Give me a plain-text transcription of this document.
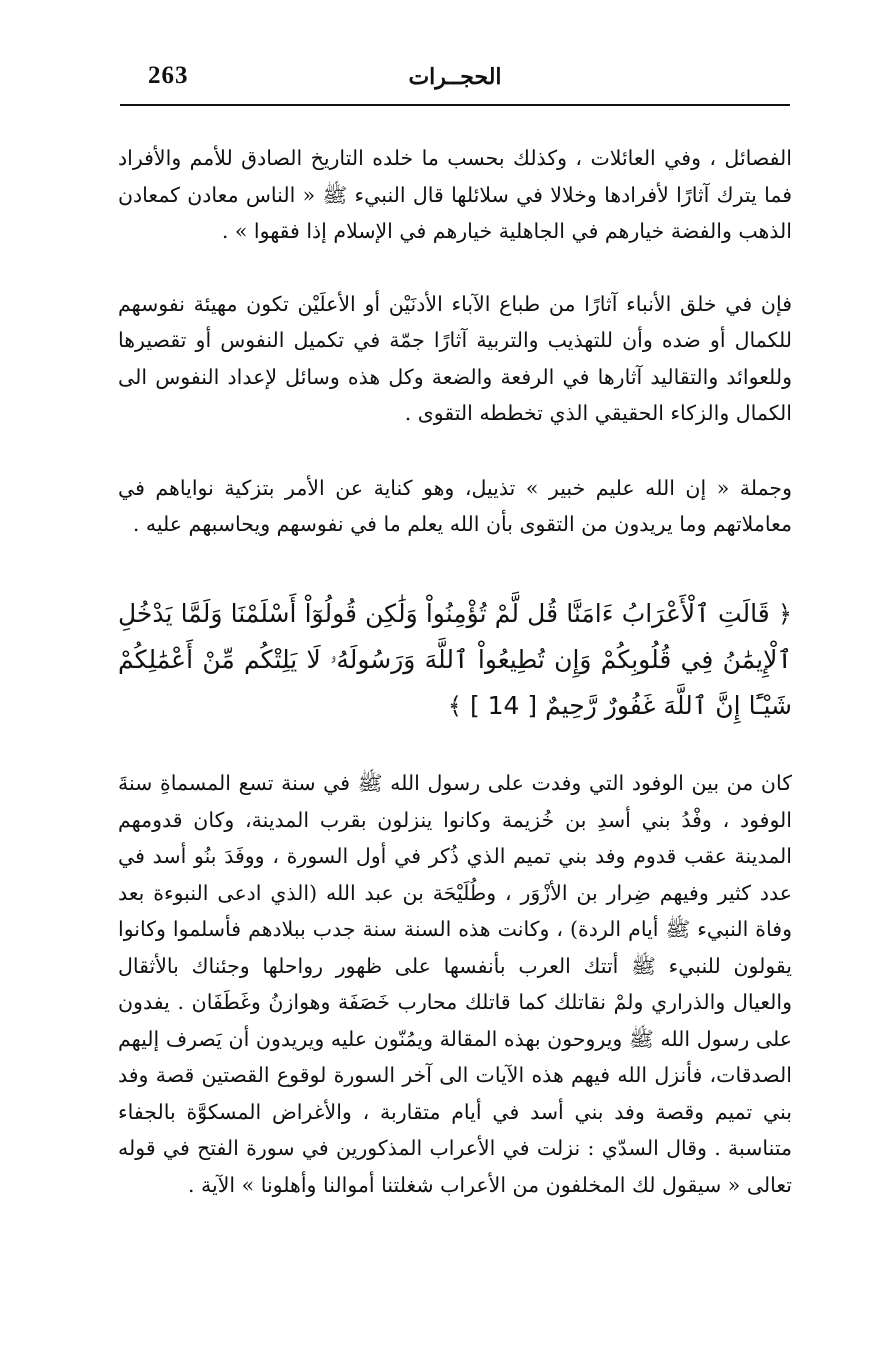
263	الحجــرات

الفصائل ، وفي العائلات ، وكذلك بحسب ما خلده التاريخ الصادق للأمم والأفراد فما يترك آثارًا لأفرادها وخلالا في سلائلها قال النبيء ﷺ « الناس معادن كمعادن الذهب والفضة خيارهم في الجاهلية خيارهم في الإسلام إذا فقهوا » .

فإن في خلق الأنباء آثارًا من طباع الآباء الأدنَيْن أو الأعلَيْن تكون مهيئة نفوسهم للكمال أو ضده وأن للتهذيب والتربية آثارًا جمّة في تكميل النفوس أو تقصيرها وللعوائد والتقاليد آثارها في الرفعة والضعة وكل هذه وسائل لإعداد النفوس الى الكمال والزكاء الحقيقي الذي تخططه التقوى .

وجملة « إن الله عليم خبير » تذييل، وهو كناية عن الأمر بتزكية نواياهم في معاملاتهم وما يريدون من التقوى بأن الله يعلم ما في نفوسهم ويحاسبهم عليه .

﴿ قَالَتِ ٱلْأَعْرَابُ ءَامَنَّا قُل لَّمْ تُؤْمِنُواْ وَلَٰكِن قُولُوٓاْ أَسْلَمْنَا وَلَمَّا يَدْخُلِ ٱلْإِيمَٰنُ فِي قُلُوبِكُمْ وَإِن تُطِيعُواْ ٱللَّهَ وَرَسُولَهُۥ لَا يَلِتْكُم مِّنْ أَعْمَٰلِكُمْ شَيْـًٔا إِنَّ ٱللَّهَ غَفُورٌ رَّحِيمٌ [ 14 ] ﴾

كان من بين الوفود التي وفدت على رسول الله ﷺ في سنة تسع المسماةِ سنةَ الوفود ، وفْدُ بني أسدِ بن خُزيمة وكانوا ينزلون بقرب المدينة، وكان قدومهم المدينة عقب قدوم وفد بني تميم الذي ذُكر في أول السورة ، ووفَدَ بنُو أسد في عدد كثير وفيهم ضِرار بن الأزْوَر ، وطُلَيْحَة بن عبد الله (الذي ادعى النبوءة بعد وفاة النبيء ﷺ أيام الردة) ، وكانت هذه السنة سنة جدب ببلادهم فأسلموا وكانوا يقولون للنبيء ﷺ أتتك العرب بأنفسها على ظهور رواحلها وجئناك بالأثقال والعيال والذراري ولمْ نقاتلك كما قاتلك محارب خَصَفَة وهوازنُ وغَطَفَان . يفدون على رسول الله ﷺ ويروحون بهذه المقالة ويمُنّون عليه ويريدون أن يَصرف إليهم الصدقات، فأنزل الله فيهم هذه الآيات الى آخر السورة لوقوع القصتين قصة وفد بني تميم وقصة وفد بني أسد في أيام متقاربة ، والأغراض المسكوَّة بالجفاء متناسبة . وقال السدّي : نزلت في الأعراب المذكورين في سورة الفتح في قوله تعالى « سيقول لك المخلفون من الأعراب شغلتنا أموالنا وأهلونا » الآية .
